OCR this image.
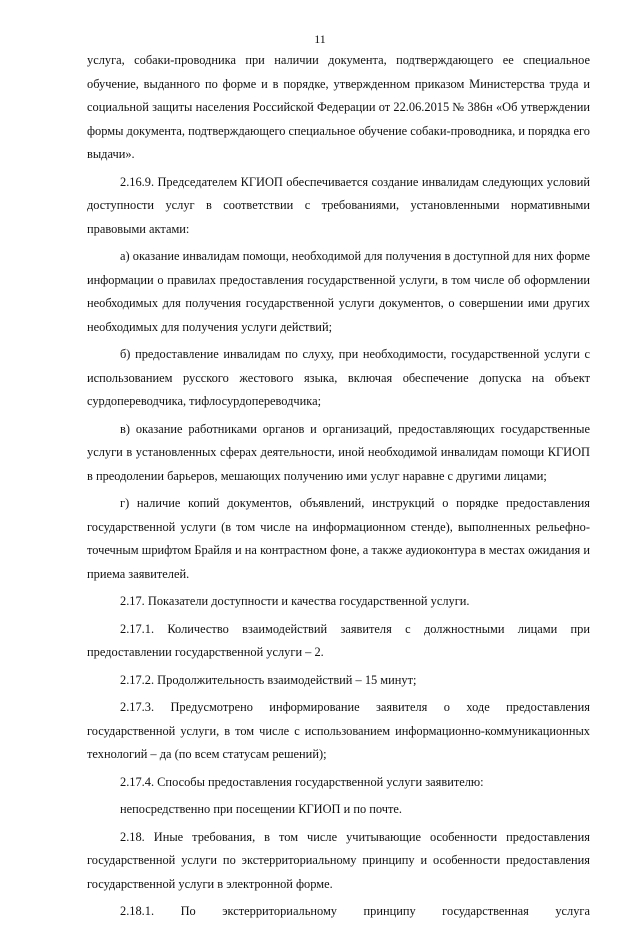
11

услуга, собаки-проводника при наличии документа, подтверждающего ее специальное обучение, выданного по форме и в порядке, утвержденном приказом Министерства труда и социальной защиты населения Российской Федерации от 22.06.2015 № 386н «Об утверждении формы документа, подтверждающего специальное обучение собаки-проводника, и порядка его выдачи».

2.16.9. Председателем КГИОП обеспечивается создание инвалидам следующих условий доступности услуг в соответствии с требованиями, установленными нормативными правовыми актами:

а) оказание инвалидам помощи, необходимой для получения в доступной для них форме информации о правилах предоставления государственной услуги, в том числе об оформлении необходимых для получения государственной услуги документов, о совершении ими других необходимых для получения услуги действий;

б) предоставление инвалидам по слуху, при необходимости, государственной услуги с использованием русского жестового языка, включая обеспечение допуска на объект сурдопереводчика, тифлосурдопереводчика;

в) оказание работниками органов и организаций, предоставляющих государственные услуги в установленных сферах деятельности, иной необходимой инвалидам помощи КГИОП в преодолении барьеров, мешающих получению ими услуг наравне с другими лицами;

г) наличие копий документов, объявлений, инструкций о порядке предоставления государственной услуги (в том числе на информационном стенде), выполненных рельефно-точечным шрифтом Брайля и на контрастном фоне, а также аудиоконтура в местах ожидания и приема заявителей.

2.17. Показатели доступности и качества государственной услуги.

2.17.1. Количество взаимодействий заявителя с должностными лицами при предоставлении государственной услуги – 2.

2.17.2. Продолжительность взаимодействий – 15 минут;

2.17.3. Предусмотрено информирование заявителя о ходе предоставления государственной услуги, в том числе с использованием информационно-коммуникационных технологий – да (по всем статусам решений);

2.17.4. Способы предоставления государственной услуги заявителю:

непосредственно при посещении КГИОП и по почте.

2.18. Иные требования, в том числе учитывающие особенности предоставления государственной услуги по экстерриториальному принципу и особенности предоставления государственной услуги в электронной форме.

2.18.1. По экстерриториальному принципу государственная услуга
